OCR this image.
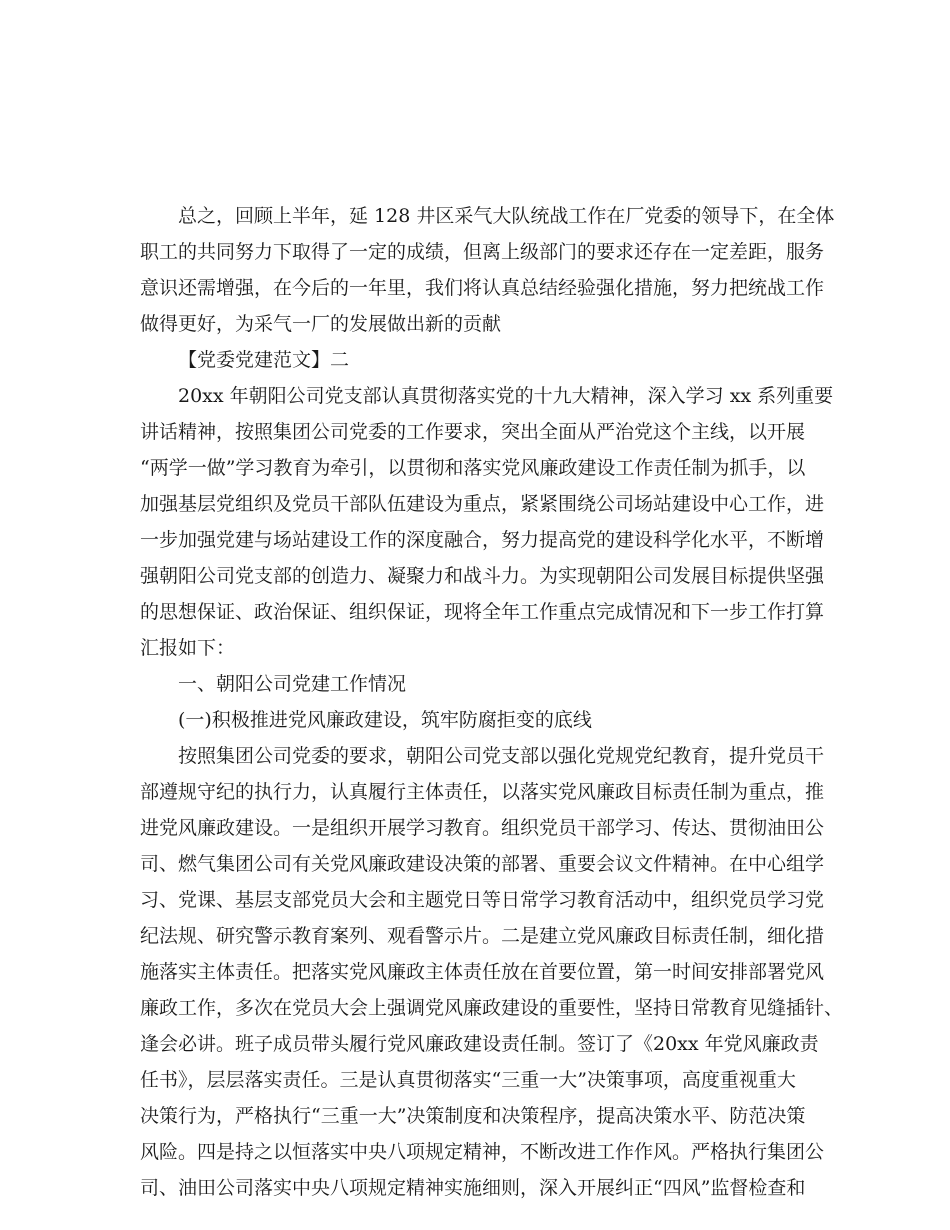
总之，回顾上半年，延 128 井区采气大队统战工作在厂党委的领导下，在全体
职工的共同努力下取得了一定的成绩，但离上级部门的要求还存在一定差距，服务
意识还需增强，在今后的一年里，我们将认真总结经验强化措施，努力把统战工作
做得更好，为采气一厂的发展做出新的贡献
【党委党建范文】二
20xx 年朝阳公司党支部认真贯彻落实党的十九大精神，深入学习 xx 系列重要
讲话精神，按照集团公司党委的工作要求，突出全面从严治党这个主线，以开展
“两学一做”学习教育为牵引，以贯彻和落实党风廉政建设工作责任制为抓手，以
加强基层党组织及党员干部队伍建设为重点，紧紧围绕公司场站建设中心工作，进
一步加强党建与场站建设工作的深度融合，努力提高党的建设科学化水平，不断增
强朝阳公司党支部的创造力、凝聚力和战斗力。为实现朝阳公司发展目标提供坚强
的思想保证、政治保证、组织保证，现将全年工作重点完成情况和下一步工作打算
汇报如下：
一、朝阳公司党建工作情况
(一)积极推进党风廉政建设，筑牢防腐拒变的底线
按照集团公司党委的要求，朝阳公司党支部以强化党规党纪教育，提升党员干
部遵规守纪的执行力，认真履行主体责任，以落实党风廉政目标责任制为重点，推
进党风廉政建设。一是组织开展学习教育。组织党员干部学习、传达、贯彻油田公
司、燃气集团公司有关党风廉政建设决策的部署、重要会议文件精神。在中心组学
习、党课、基层支部党员大会和主题党日等日常学习教育活动中，组织党员学习党
纪法规、研究警示教育案列、观看警示片。二是建立党风廉政目标责任制，细化措
施落实主体责任。把落实党风廉政主体责任放在首要位置，第一时间安排部署党风
廉政工作，多次在党员大会上强调党风廉政建设的重要性，坚持日常教育见缝插针、
逢会必讲。班子成员带头履行党风廉政建设责任制。签订了《20xx 年党风廉政责
任书》，层层落实责任。三是认真贯彻落实“三重一大”决策事项，高度重视重大
决策行为，严格执行“三重一大”决策制度和决策程序，提高决策水平、防范决策
风险。四是持之以恒落实中央八项规定精神，不断改进工作作风。严格执行集团公
司、油田公司落实中央八项规定精神实施细则，深入开展纠正“四风”监督检查和
